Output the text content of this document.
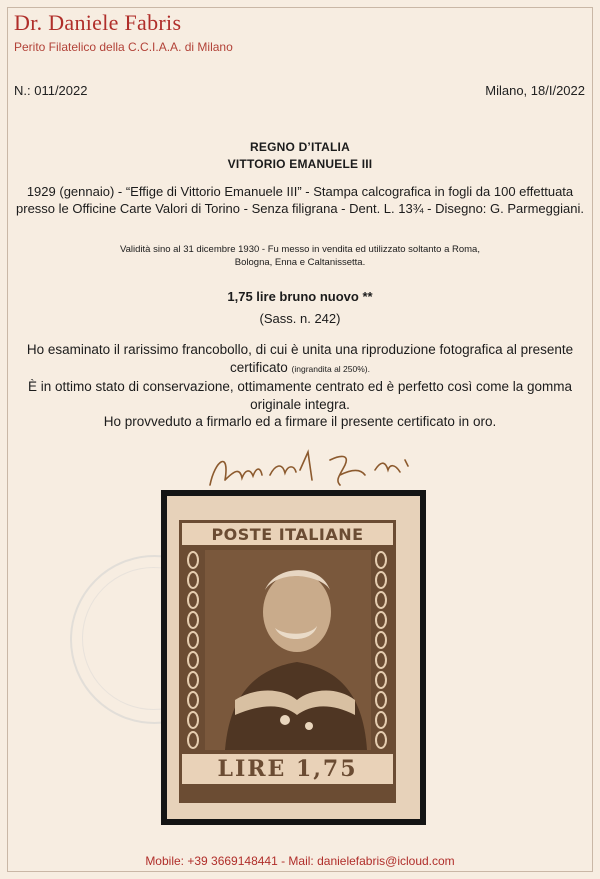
Dr. Daniele Fabris
Perito Filatelico della C.C.I.A.A. di Milano
N.: 011/2022	Milano, 18/I/2022
REGNO D’ITALIA
VITTORIO EMANUELE III
1929 (gennaio) - “Effige di Vittorio Emanuele III” - Stampa calcografica in fogli da 100 effettuata presso le Officine Carte Valori di Torino - Senza filigrana - Dent. L. 13¾ - Disegno: G. Parmeggiani.
Validità sino al 31 dicembre 1930 - Fu messo in vendita ed utilizzato soltanto a Roma, Bologna, Enna e Caltanissetta.
1,75 lire bruno nuovo **
(Sass. n. 242)
Ho esaminato il rarissimo francobollo, di cui è unita una riproduzione fotografica al presente certificato (ingrandita al 250%).
È in ottimo stato di conservazione, ottimamente centrato ed è perfetto così come la gomma originale integra.
Ho provveduto a firmarlo ed a firmare il presente certificato in oro.
POSTE ITALIANE
LIRE 1,75
Mobile: +39 3669148441 - Mail: danielefabris@icloud.com
